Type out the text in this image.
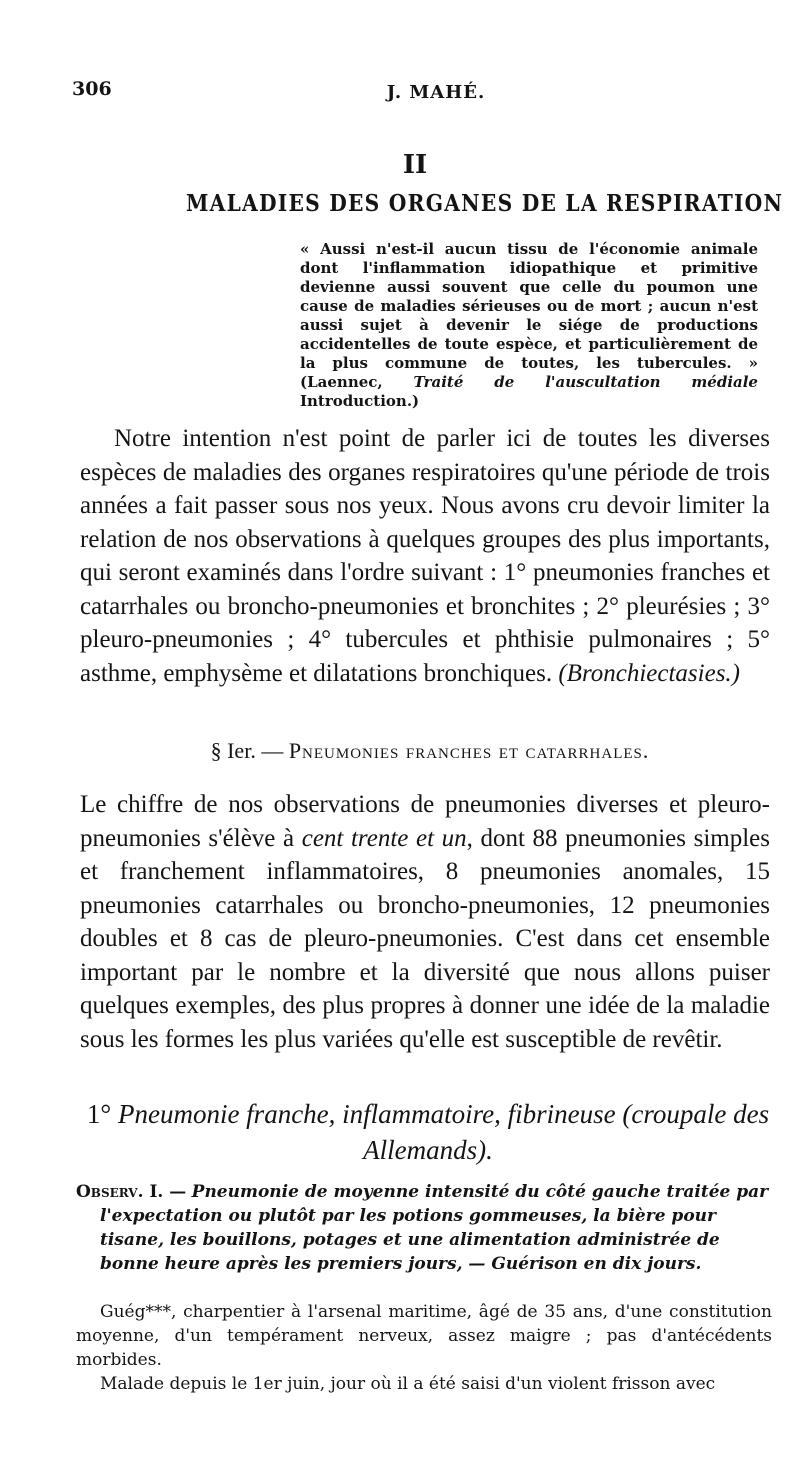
306	J. MAHÉ.
II
MALADIES DES ORGANES DE LA RESPIRATION
« Aussi n'est-il aucun tissu de l'économie animale dont l'inflammation idiopathique et primitive devienne aussi souvent que celle du poumon une cause de maladies sérieuses ou de mort ; aucun n'est aussi sujet à devenir le siége de productions accidentelles de toute espèce, et particulièrement de la plus commune de toutes, les tubercules. » (Laennec, Traité de l'auscultation médiale Introduction.)
Notre intention n'est point de parler ici de toutes les diverses espèces de maladies des organes respiratoires qu'une période de trois années a fait passer sous nos yeux. Nous avons cru devoir limiter la relation de nos observations à quelques groupes des plus importants, qui seront examinés dans l'ordre suivant : 1° pneumonies franches et catarrhales ou broncho-pneumonies et bronchites ; 2° pleurésies ; 3° pleuro-pneumonies ; 4° tubercules et phthisie pulmonaires ; 5° asthme, emphysème et dilatations bronchiques. (Bronchiectasies.)
§ Ier. — Pneumonies franches et catarrhales.
Le chiffre de nos observations de pneumonies diverses et pleuro-pneumonies s'élève à cent trente et un, dont 88 pneumonies simples et franchement inflammatoires, 8 pneumonies anomales, 15 pneumonies catarrhales ou broncho-pneumonies, 12 pneumonies doubles et 8 cas de pleuro-pneumonies. C'est dans cet ensemble important par le nombre et la diversité que nous allons puiser quelques exemples, des plus propres à donner une idée de la maladie sous les formes les plus variées qu'elle est susceptible de revêtir.
1° Pneumonie franche, inflammatoire, fibrineuse (croupale des Allemands).
Observ. I. — Pneumonie de moyenne intensité du côté gauche traitée par
l'expectation ou plutôt par les potions gommeuses, la bière pour tisane, les bouillons, potages et une alimentation administrée de bonne heure après les premiers jours, — Guérison en dix jours.
Guég***, charpentier à l'arsenal maritime, âgé de 35 ans, d'une constitution moyenne, d'un tempérament nerveux, assez maigre ; pas d'antécédents morbides.
Malade depuis le 1er juin, jour où il a été saisi d'un violent frisson avec
